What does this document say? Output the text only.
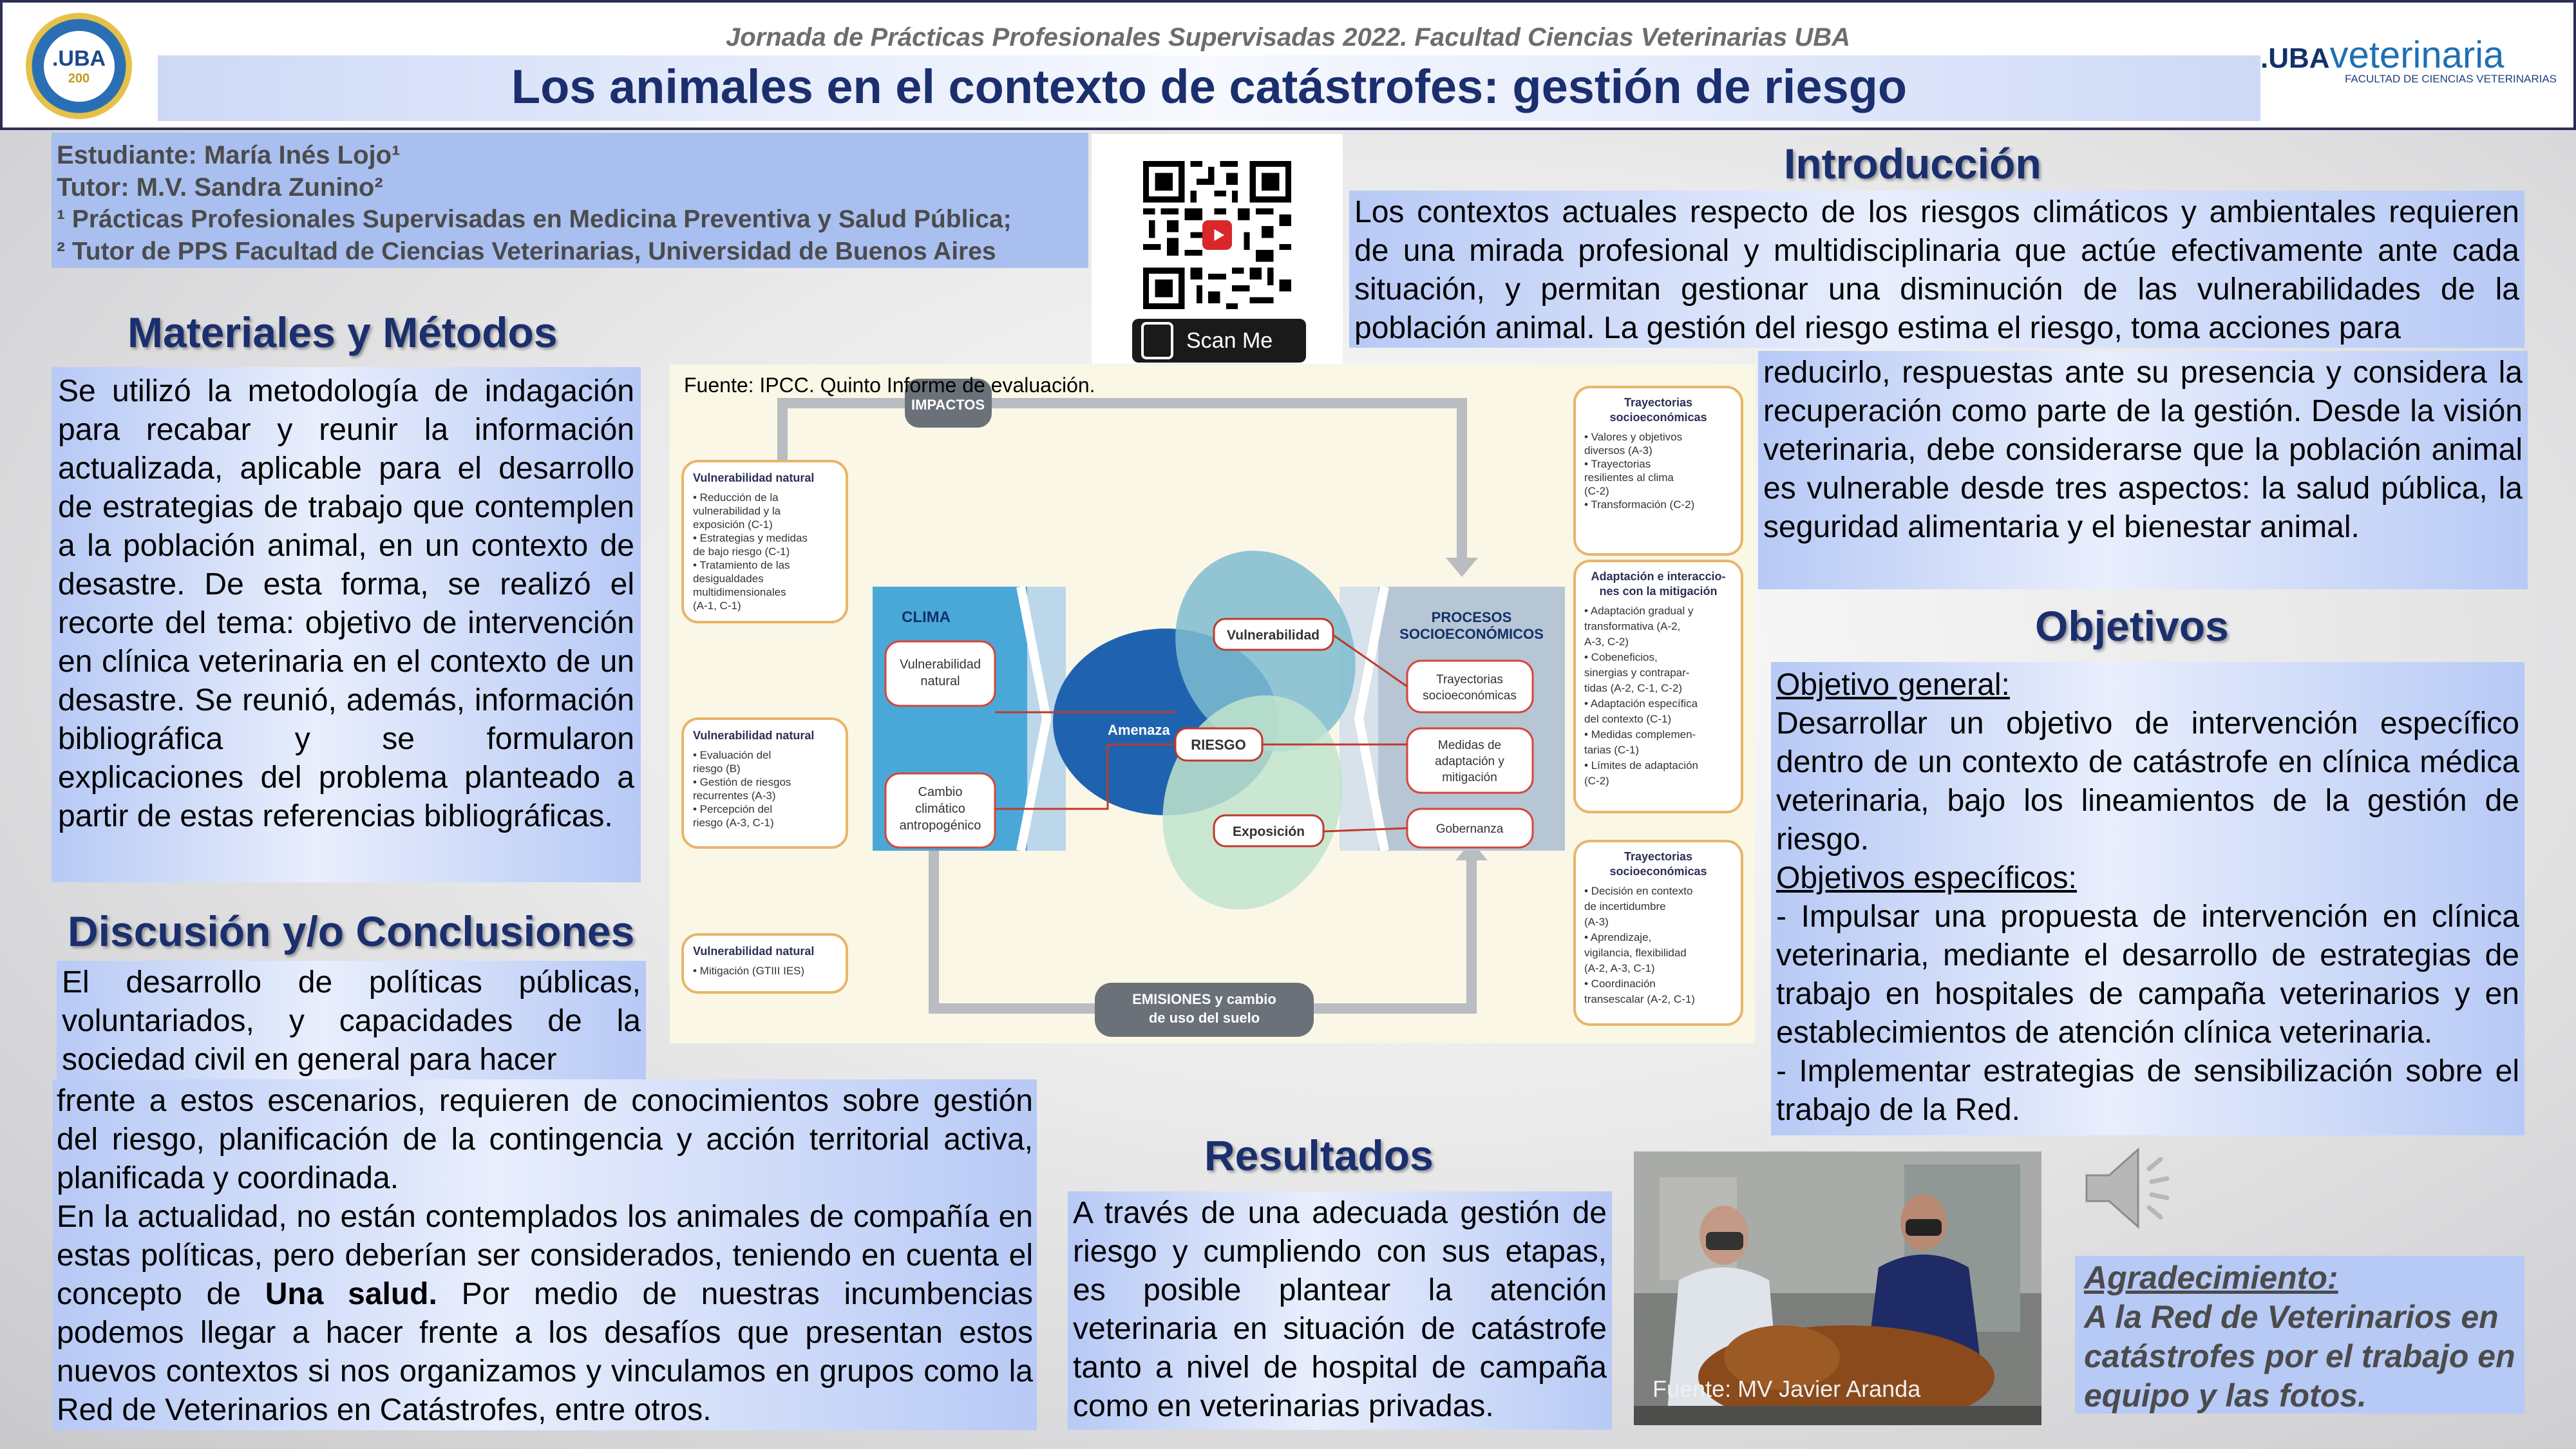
.UBA
200
Jornada de Prácticas Profesionales Supervisadas 2022. Facultad Ciencias Veterinarias UBA
Los animales en el contexto de catástrofes: gestión de riesgo
.UBAveterinaria
FACULTAD DE CIENCIAS VETERINARIAS
Estudiante: María Inés Lojo¹
Tutor: M.V. Sandra Zunino²
¹ Prácticas Profesionales Supervisadas en Medicina Preventiva y Salud Pública;
² Tutor de PPS Facultad de Ciencias Veterinarias, Universidad de Buenos Aires
Scan Me
Materiales y Métodos
Se utilizó la metodología de indagación para recabar y reunir la información actualizada, aplicable para el desarrollo de estrategias de trabajo que contemplen a la población animal, en un contexto de desastre. De esta forma, se realizó el recorte del tema: objetivo de intervención en clínica veterinaria en el contexto de un desastre. Se reunió, además, información bibliográfica y se formularon explicaciones del problema planteado a partir de estas referencias bibliográficas.
Vulnerabilidad natural
• Reducción de la
vulnerabilidad y la
exposición (C-1)
• Estrategias y medidas
de bajo riesgo (C-1)
• Tratamiento de las
desigualdades
multidimensionales
(A-1, C-1)
Vulnerabilidad natural
• Evaluación del
riesgo (B)
• Gestión de riesgos
recurrentes (A-3)
• Percepción del
riesgo (A-3, C-1)
Vulnerabilidad natural
• Mitigación (GTIII IES)
CLIMA
Vulnerabilidad
natural
Cambio
climático
antropogénico
PROCESOS
SOCIOECONÓMICOS
Trayectorias
socioeconómicas
Medidas de
adaptación y
mitigación
Gobernanza
Amenaza
Vulnerabilidad
RIESGO
Exposición
IMPACTOS
EMISIONES y cambio
de uso del suelo
Trayectorias
socioeconómicas
• Valores y objetivos
diversos (A-3)
• Trayectorias
resilientes al clima
(C-2)
• Transformación (C-2)
Adaptación e interaccio-
nes con la mitigación
• Adaptación gradual y
transformativa (A-2,
A-3, C-2)
• Cobeneficios,
sinergias y contrapar-
tidas (A-2, C-1, C-2)
• Adaptación específica
del contexto (C-1)
• Medidas complemen-
tarias (C-1)
• Límites de adaptación
(C-2)
Trayectorias
socioeconómicas
• Decisión en contexto
de incertidumbre
(A-3)
• Aprendizaje,
vigilancia, flexibilidad
(A-2, A-3, C-1)
• Coordinación
transescalar (A-2, C-1)
Fuente: IPCC. Quinto Informe de evaluación.
Introducción
Los contextos actuales respecto de los riesgos climáticos y ambientales requieren de una mirada profesional y multidisciplinaria que actúe efectivamente ante cada situación, y permitan gestionar una disminución de las vulnerabilidades de la población animal. La gestión del riesgo estima el riesgo, toma acciones para
reducirlo, respuestas ante su presencia y considera la recuperación como parte de la gestión. Desde la visión veterinaria, debe considerarse que la población animal es vulnerable desde tres aspectos: la salud pública, la seguridad alimentaria y el bienestar animal.
Objetivos
Objetivo general:
Desarrollar un objetivo de intervención específico dentro de un contexto de catástrofe en clínica médica veterinaria, bajo los lineamientos de la gestión de riesgo.
Objetivos específicos:
- Impulsar una propuesta de intervención en clínica veterinaria, mediante el desarrollo de estrategias de trabajo en hospitales de campaña veterinarios y en establecimientos de atención clínica veterinaria.
- Implementar estrategias de sensibilización sobre el trabajo de la Red.
Discusión y/o Conclusiones
El desarrollo de políticas públicas, voluntariados, y capacidades de la sociedad civil en general para hacer
frente a estos escenarios, requieren de conocimientos sobre gestión del riesgo, planificación de la contingencia y acción territorial activa, planificada y coordinada.
En la actualidad, no están contemplados los animales de compañía en estas políticas, pero deberían ser considerados, teniendo en cuenta el concepto de Una salud. Por medio de nuestras incumbencias podemos llegar a hacer frente a los desafíos que presentan estos nuevos contextos si nos organizamos y vinculamos en grupos como la Red de Veterinarios en Catástrofes, entre otros.
Resultados
A través de una adecuada gestión de riesgo y cumpliendo con sus etapas, es posible plantear la atención veterinaria en situación de catástrofe tanto a nivel de hospital de campaña como en veterinarias privadas.
Fuente: MV Javier Aranda
Agradecimiento:
A la Red de Veterinarios en catástrofes por el trabajo en equipo y las fotos.
